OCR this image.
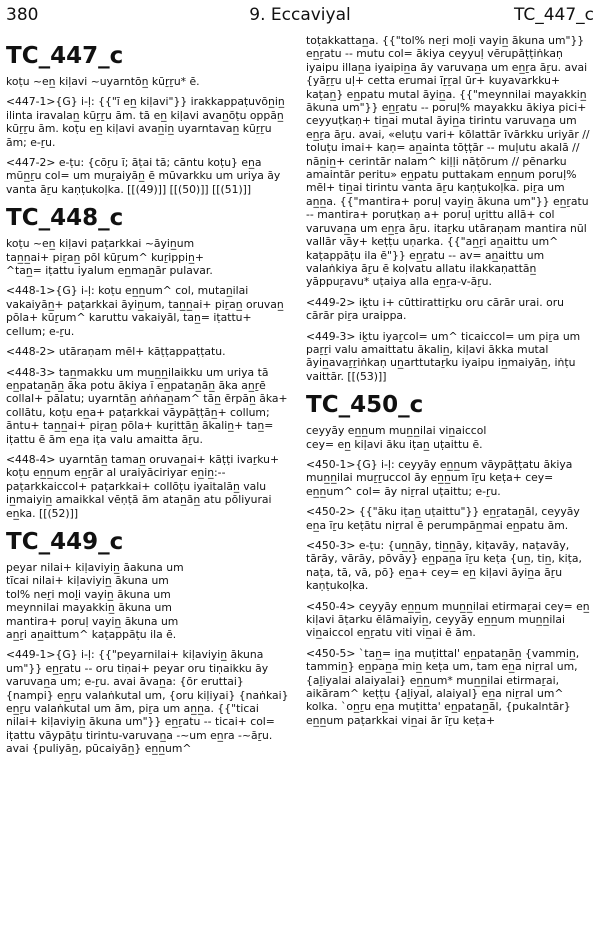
380	9. Eccaviyal	TC_447_c
TC_447_c

koṭu ~en̲ kiḷavi ~uyarntōn̲ kūṟṟu* ē.

<447-1>{G} i-ḷ: {{"ī en̲ kiḷavi"}} irakkappaṭuvōn̲in̲ ilinta iravalan̲ kūṟṟu ām. tā en̲ kiḷavi avan̲ōṭu oppān̲ kūṟṟu ām. koṭu en̲ kiḷavi avan̲in̲ uyarntavan̲ kūṟṟu ām; e-ṟu.

<447-2> e-ṭu: {cōṟu ī; āṭai tā; cāntu koṭu} en̲a mūn̲ṟu col= um muṟaiyān̲ ē mūvarkku um uriya āy vanta āṟu kaṇṭukoḷka. [[(49)]] [[(50)]] [[(51)]]

TC_448_c

koṭu ~en̲ kiḷavi paṭarkkai ~āyin̲um
tan̲n̲ai+ piṟan̲ pōl kūṟum^ kuṟippin̲+
^tan̲= iṭattu iyalum en̲man̲ār pulavar.

<448-1>{G} i-ḷ: koṭu en̲n̲um^ col, mutan̲ilai vakaiyān̲+ paṭarkkai āyin̲um, tan̲n̲ai+ piṟan̲ oruvan̲ pōla+ kūṟum^ karuttu vakaiyāl, tan̲= iṭattu+ cellum; e-ṟu.

<448-2> utāraṇam mēl+ kāṭṭappaṭṭatu.

<448-3> tan̲makku um mun̲n̲ilaikku um uriya tā en̲patan̲ān̲ āka potu ākiya ī en̲patan̲ān̲ āka an̲ṟē collal+ pālatu; uyarntān̲ aṅṅan̲am^ tān̲ ērpān̲ āka+ collātu, koṭu en̲a+ paṭarkkai vāypāṭṭān̲+ collum; āntu+ tan̲n̲ai+ piṟan̲ pōla+ kuṟittān̲ ākalin̲+ tan̲= iṭattu ē ām en̲a iṭa valu amaitta āṟu.

<448-4> uyarntān̲ taman̲ oruvan̲ai+ kāṭṭi ivaṟku+ koṭu en̲n̲um en̲ṟār al uraiyāciriyar en̲in̲:-- paṭarkkaiccol+ paṭarkkai+ collōṭu iyaitalān̲ valu in̲maiyin̲ amaikkal vēṇṭā ām atan̲ān̲ atu pōliyurai en̲ka. [[(52)]]

TC_449_c

peyar nilai+ kiḷaviyin̲ āakuna um
tīcai nilai+ kiḷaviyin̲ ākuna um
tol% neṟi moḻi vayin̲ ākuna um
meynnilai mayakkin̲ ākuna um
mantira+ poruḷ vayin̲ ākuna um
an̲ṟi an̲aittum^ kaṭappāṭu ila ē.

<449-1>{G} i-ḷ: {{"peyarnilai+ kiḷaviyin̲ ākuna um"}} en̲ṟatu -- oru tiṇai+ peyar oru tiṇaikku āy varuvan̲a um; e-ṟu. avai āvan̲a: {ōr eruttai} {nampi} en̲ṟu valaṅkutal um, {oru kiḷiyai} {naṅkai} en̲ṟu valaṅkutal um ām, piṟa um an̲n̲a. {{"ticai nilai+ kiḷaviyin̲ ākuna um"}} en̲ṟatu -- ticai+ col= iṭattu vāypāṭu tirintu-varuvan̲a -~um en̲ra -~āṟu. avai {puliyān̲, pūcaiyān̲} en̲n̲um^

toṭakkattan̲a. {{"tol% neṟi moḻi vayin̲ ākuna um"}} en̲ṟatu -- mutu col= ākiya ceyyuḷ vērupāṭṭiṅkaṇ iyaipu illan̲a iyaipin̲a āy varuvan̲a um en̲ṟa āṟu. avai {yāṟṟu uḷ+ cetta erumai īṟṟal ūr+ kuyavarkku+ kaṭan̲} en̲patu mutal āyin̲a. {{"meynnilai mayakkin̲ ākuna um"}} en̲ṟatu -- poruḷ% mayakku ākiya pici+ ceyyuṭkaṇ+ tin̲ai mutal āyin̲a tirintu varuvan̲a um en̲ṟa āṟu. avai, «eluṭu vari+ kōlattār īvārkku uriyār // toluṭu imai+ kaṇ= an̲ainta tōṭṭār -- muḷutu akalā // nān̲in̲+ cerintār nalam^ kiḷḷi nāṭōrum // pēnarku amaintār peritu» en̲patu puttakam en̲n̲um poruḷ% mēl+ tin̲ai tirintu vanta āṟu kaṇṭukoḷka. piṟa um an̲n̲a. {{"mantira+ poruḷ vayin̲ ākuna um"}} en̲ṟatu -- mantira+ poruṭkaṇ a+ poruḷ uṟittu allā+ col varuvan̲a um en̲ṟa āṟu. itaṟku utāraṇam mantira nūl vallār vāy+ keṭṭu uṇarka. {{"an̲ṟi an̲aittu um^ kaṭappāṭu ila ē"}} en̲ṟatu -- av= an̲aittu um valaṅkiya āṟu ē koḷvatu allatu ilakkaṇattān̲ yāppuṟavu* uṭaiya alla en̲ṟa-v-āṟu.

<449-2> iḵtu i+ cūttirattiṟku oru cārār urai. oru cārār piṟa uraippa.

<449-3> iḵtu iyaṟcol= um^ ticaiccol= um piṟa um paṟṟi valu amaittatu ākalin̲, kiḷavi ākka mutal āyin̲avaṟṟiṅkaṇ un̲arttutaṟku iyaipu in̲maiyān̲, iṅṭu vaittār. [[(53)]]

TC_450_c

ceyyāy en̲n̲um mun̲n̲ilai vin̲aiccol
cey= en̲ kiḷavi āku iṭan̲ uṭaittu ē.

<450-1>{G} i-ḷ: ceyyāy en̲n̲um vāypāṭṭatu ākiya mun̲n̲ilai muṟṟuccol āy en̲n̲um īṟu keṭa+ cey= en̲n̲um^ col= āy niṟral uṭaittu; e-ṟu.

<450-2> {{"āku iṭan̲ uṭaittu"}} en̲ṟatan̲āl, ceyyāy en̲a īṟu keṭātu niṟral ē perumpān̲mai en̲patu ām.

<450-3> e-ṭu: {un̲n̲āy, tin̲n̲āy, kiṭavāy, naṭavāy, tārāy, vārāy, pōvāy} en̲pan̲a īṟu keṭa {un̲, tin̲, kiṭa, naṭa, tā, vā, pō} en̲a+ cey= en̲ kiḷavi āyin̲a āṟu kaṇṭukoḷka.

<450-4> ceyyāy en̲n̲um mun̲n̲ilai etirmaṟai cey= en̲ kiḷavi āṭarku ēlāmaiyin̲, ceyyāy en̲n̲um mun̲n̲ilai vin̲aiccol en̲ṟatu viti vin̲ai ē ām.

<450-5> `tan̲= in̲a muṭittal' en̲patan̲ān̲ {vammin̲, tammin̲} en̲pan̲a min̲ keṭa um, tam en̲a niṟral um, {aḻiyalai alaiyalai} en̲n̲um* mun̲n̲ilai etirmaṟai, aikāram^ keṭṭu {aḻiyal, alaiyal} en̲a niṟral um^ kolka. `on̲ṟu en̲a muṭitta' en̲patan̲āl, {pukalntār} en̲n̲um paṭarkkai vin̲ai ār īṟu keṭa+
